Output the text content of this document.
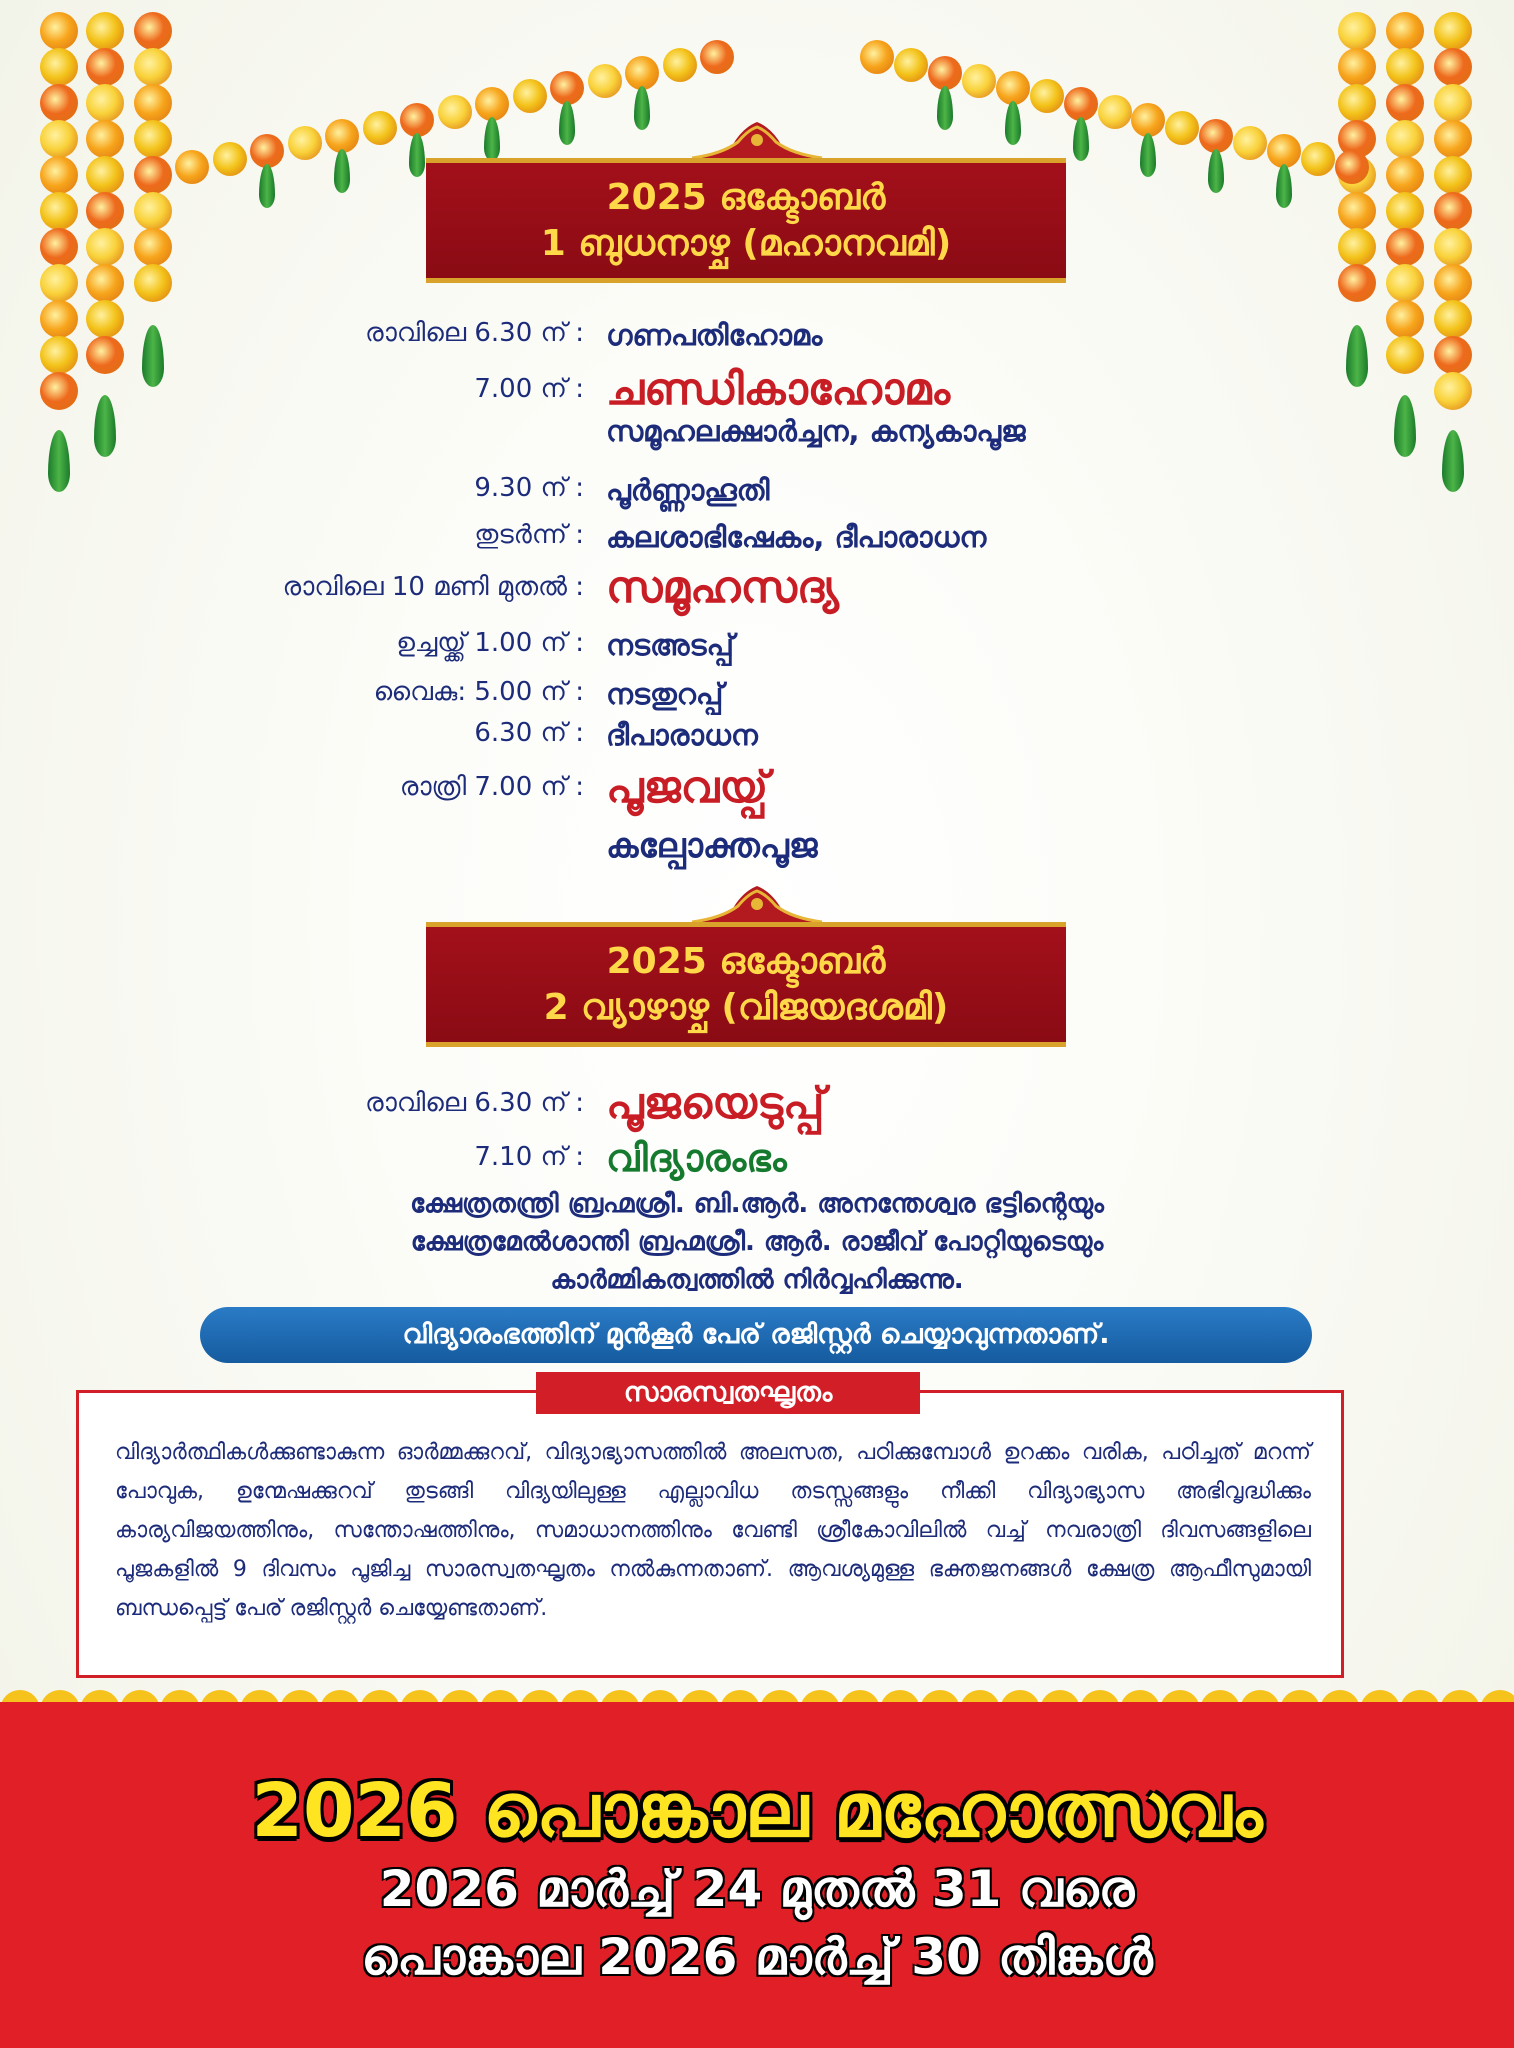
2025 ഒക്ടോബർ
1 ബുധനാഴ്ച (മഹാനവമി)
രാവിലെ 6.30 ന് : ഗണപതിഹോമം
7.00 ന് : ചണ്ഡികാഹോമം
സമൂഹലക്ഷാർച്ചന, കന്യകാപൂജ
9.30 ന് : പൂർണ്ണാഹൂതി
തുടർന്ന് : കലശാഭിഷേകം, ദീപാരാധന
രാവിലെ 10 മണി മുതൽ : സമൂഹസദ്യ
ഉച്ചയ്ക്ക് 1.00 ന് : നടഅടപ്പ്
വൈകു: 5.00 ന് : നടതുറപ്പ്
6.30 ന് : ദീപാരാധന
രാത്രി 7.00 ന് : പൂജവയ്പ്
കല്പോക്തപൂജ
2025 ഒക്ടോബർ
2 വ്യാഴാഴ്ച (വിജയദശമി)
രാവിലെ 6.30 ന് : പൂജയെടുപ്പ്
7.10 ന് : വിദ്യാരംഭം
ക്ഷേത്രതന്ത്രി ബ്രഹ്മശ്രീ. ബി.ആർ. അനന്തേശ്വര ഭട്ടിന്റെയും
ക്ഷേത്രമേൽശാന്തി ബ്രഹ്മശ്രീ. ആർ. രാജീവ് പോറ്റിയുടെയും
കാർമ്മികത്വത്തിൽ നിർവ്വഹിക്കുന്നു.
വിദ്യാരംഭത്തിന് മുൻകൂർ പേര് രജിസ്റ്റർ ചെയ്യാവുന്നതാണ്.
വിദ്യാർത്ഥികൾക്കുണ്ടാകുന്ന ഓർമ്മക്കുറവ്, വിദ്യാഭ്യാസത്തിൽ അലസത, പഠിക്കുമ്പോൾ ഉറക്കം വരിക, പഠിച്ചത് മറന്ന് പോവുക, ഉന്മേഷക്കുറവ് തുടങ്ങി വിദ്യയിലുള്ള എല്ലാവിധ തടസ്സങ്ങളും നീക്കി വിദ്യാഭ്യാസ അഭിവൃദ്ധിക്കും കാര്യവിജയത്തിനും, സന്തോഷത്തിനും, സമാധാനത്തിനും വേണ്ടി ശ്രീകോവിലിൽ വച്ച് നവരാത്രി ദിവസങ്ങളിലെ പൂജകളിൽ 9 ദിവസം പൂജിച്ച സാരസ്വതഘൃതം നൽകുന്നതാണ്. ആവശ്യമുള്ള ഭക്തജനങ്ങൾ ക്ഷേത്ര ആഫീസുമായി ബന്ധപ്പെട്ട് പേര് രജിസ്റ്റർ ചെയ്യേണ്ടതാണ്.
സാരസ്വതഘൃതം
2026 പൊങ്കാല മഹോത്സവം
2026 മാർച്ച് 24 മുതൽ 31 വരെ
പൊങ്കാല 2026 മാർച്ച് 30 തിങ്കൾ
